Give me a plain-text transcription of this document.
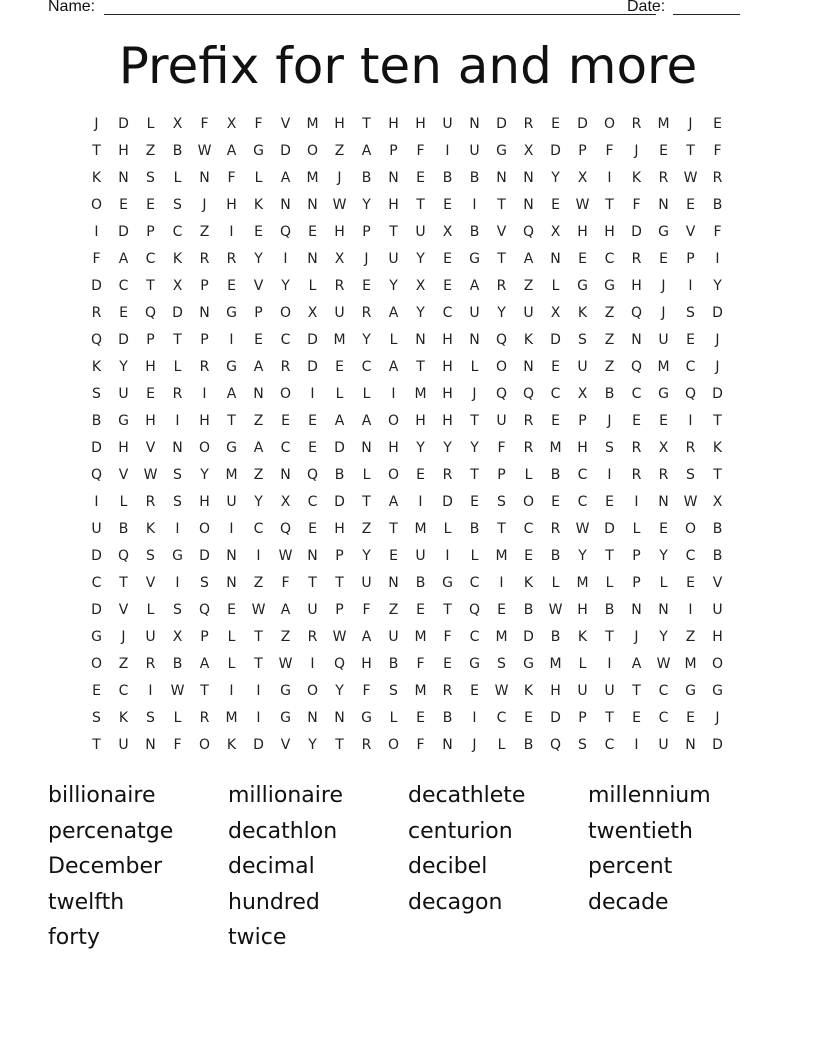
Name:	Date:
Prefix for ten and more
J	D	L	X	F	X	F	V	M	H	T	H	H	U	N	D	R	E	D	O	R	M	J	E
T	H	Z	B	W	A	G	D	O	Z	A	P	F	I	U	G	X	D	P	F	J	E	T	F
K	N	S	L	N	F	L	A	M	J	B	N	E	B	B	N	N	Y	X	I	K	R	W	R
O	E	E	S	J	H	K	N	N	W	Y	H	T	E	I	T	N	E	W	T	F	N	E	B
I	D	P	C	Z	I	E	Q	E	H	P	T	U	X	B	V	Q	X	H	H	D	G	V	F
F	A	C	K	R	R	Y	I	N	X	J	U	Y	E	G	T	A	N	E	C	R	E	P	I
D	C	T	X	P	E	V	Y	L	R	E	Y	X	E	A	R	Z	L	G	G	H	J	I	Y
R	E	Q	D	N	G	P	O	X	U	R	A	Y	C	U	Y	U	X	K	Z	Q	J	S	D
Q	D	P	T	P	I	E	C	D	M	Y	L	N	H	N	Q	K	D	S	Z	N	U	E	J
K	Y	H	L	R	G	A	R	D	E	C	A	T	H	L	O	N	E	U	Z	Q	M	C	J
S	U	E	R	I	A	N	O	I	L	L	I	M	H	J	Q	Q	C	X	B	C	G	Q	D
B	G	H	I	H	T	Z	E	E	A	A	O	H	H	T	U	R	E	P	J	E	E	I	T
D	H	V	N	O	G	A	C	E	D	N	H	Y	Y	Y	F	R	M	H	S	R	X	R	K
Q	V	W	S	Y	M	Z	N	Q	B	L	O	E	R	T	P	L	B	C	I	R	R	S	T
I	L	R	S	H	U	Y	X	C	D	T	A	I	D	E	S	O	E	C	E	I	N	W	X
U	B	K	I	O	I	C	Q	E	H	Z	T	M	L	B	T	C	R	W	D	L	E	O	B
D	Q	S	G	D	N	I	W	N	P	Y	E	U	I	L	M	E	B	Y	T	P	Y	C	B
C	T	V	I	S	N	Z	F	T	T	U	N	B	G	C	I	K	L	M	L	P	L	E	V
D	V	L	S	Q	E	W	A	U	P	F	Z	E	T	Q	E	B	W	H	B	N	N	I	U
G	J	U	X	P	L	T	Z	R	W	A	U	M	F	C	M	D	B	K	T	J	Y	Z	H
O	Z	R	B	A	L	T	W	I	Q	H	B	F	E	G	S	G	M	L	I	A	W	M	O
E	C	I	W	T	I	I	G	O	Y	F	S	M	R	E	W	K	H	U	U	T	C	G	G
S	K	S	L	R	M	I	G	N	N	G	L	E	B	I	C	E	D	P	T	E	C	E	J
T	U	N	F	O	K	D	V	Y	T	R	O	F	N	J	L	B	Q	S	C	I	U	N	D
billionaire	millionaire	decathlete	millennium
percenatge	decathlon	centurion	twentieth
December	decimal	decibel	percent
twelfth	hundred	decagon	decade
forty	twice
